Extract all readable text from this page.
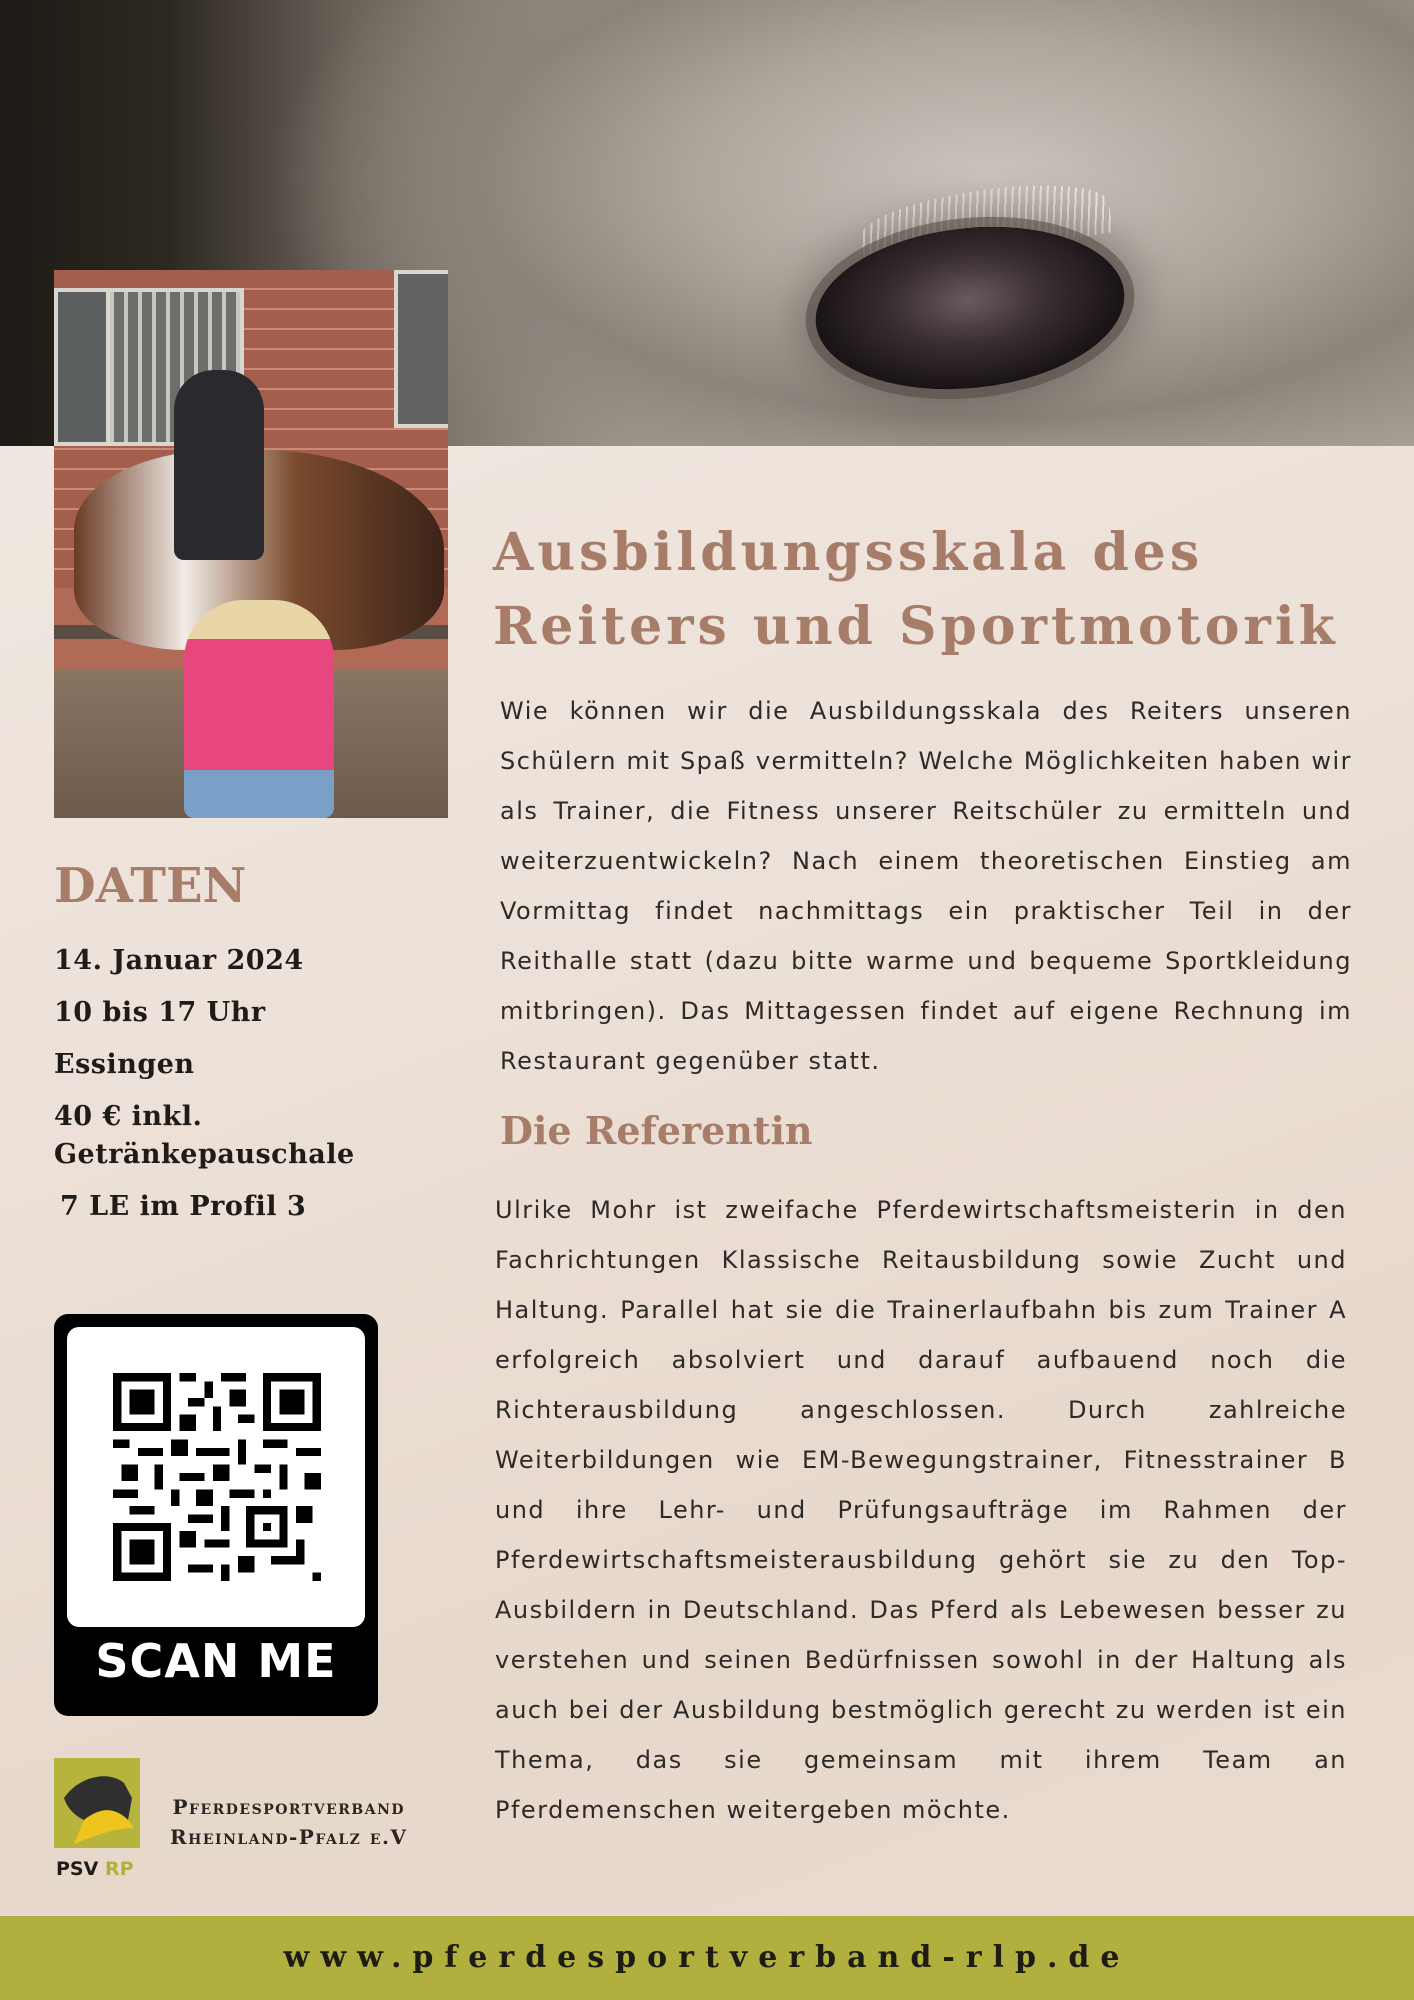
Ausbildungsskala des Reiters und Sportmotorik

Wie können wir die Ausbildungsskala des Reiters unseren Schülern mit Spaß vermitteln? Welche Möglichkeiten haben wir als Trainer, die Fitness unserer Reitschüler zu ermitteln und weiterzuentwickeln? Nach einem theoretischen Einstieg am Vormittag findet nachmittags ein praktischer Teil in der Reithalle statt (dazu bitte warme und bequeme Sportkleidung mitbringen). Das Mittagessen findet auf eigene Rechnung im Restaurant gegenüber statt.

Die Referentin

Ulrike Mohr ist zweifache Pferdewirtschaftsmeisterin in den Fachrichtungen Klassische Reitausbildung sowie Zucht und Haltung. Parallel hat sie die Trainerlaufbahn bis zum Trainer A erfolgreich absolviert und darauf aufbauend noch die Richterausbildung angeschlossen. Durch zahlreiche Weiterbildungen wie EM-Bewegungstrainer, Fitnesstrainer B und ihre Lehr- und Prüfungsaufträge im Rahmen der Pferdewirtschaftsmeisterausbildung gehört sie zu den Top-Ausbildern in Deutschland. Das Pferd als Lebewesen besser zu verstehen und seinen Bedürfnissen sowohl in der Haltung als auch bei der Ausbildung bestmöglich gerecht zu werden ist ein Thema, das sie gemeinsam mit ihrem Team an Pferdemenschen weitergeben möchte.

DATEN
14. Januar 2024
10 bis 17 Uhr
Essingen
40 € inkl. Getränkepauschale
7 LE im Profil 3
SCAN ME
PSV RP
Pferdesportverband
Rheinland-Pfalz e.V
www.pferdesportverband-rlp.de
